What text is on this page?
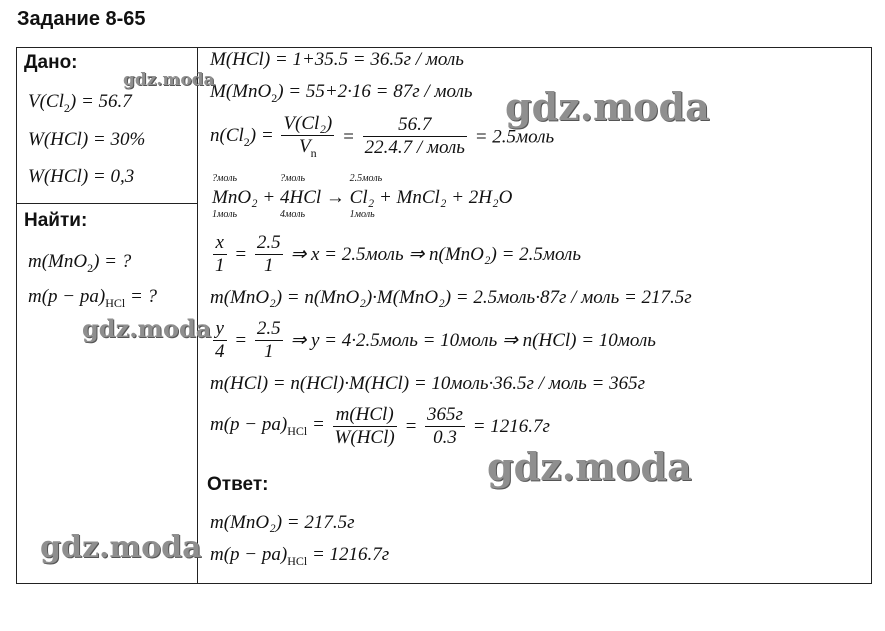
Задание 8-65
Дано:
$V(Cl_2) = 56.7$
W(HCl) = 30%
W(HCl) = 0,3
Найти:
m(MnO$_2$) = ?
$m(p - pa)_{HCl}$ = ?
M(HCl) = 1+35.5 = 36.5г / моль
M(MnO$_2$) = 55+2·16 = 87г / моль
$n(Cl_2) = \frac{\text{V(Cl₂)}}{V_n} = \frac{56.7}{\text{22.4.7 / моль}}$ = 2.5моль
?моль
MnO₂
1моль
+
?моль
4HCl
4моль
→
2.5моль
Cl₂
1моль
+ MnCl₂ + 2H₂O
$\frac{x}{1} = \frac{2.5}{1}$ ⇒ x = 2.5моль ⇒ n(MnO₂) = 2.5моль
m(MnO₂) = n(MnO₂)·M(MnO₂) = 2.5моль·87г / моль = 217.5г
$\frac{y}{4} = \frac{2.5}{1}$ ⇒ y = 4·2.5моль = 10моль ⇒ n(HCl) = 10моль
m(HCl) = n(HCl)·M(HCl) = 10моль·36.5г / моль = 365г
$m(p - pa)_{HCl} = \frac{\text{m(HCl)}}{\text{W(HCl)}} = \frac{365г}{0.3} = 1216.7г$
Ответ:
m(MnO₂) = 217.5г
$m(p - pa)_{HCl} = 1216.7г$
gdz.moda
gdz.moda
gdz.moda
gdz.moda
gdz.moda
